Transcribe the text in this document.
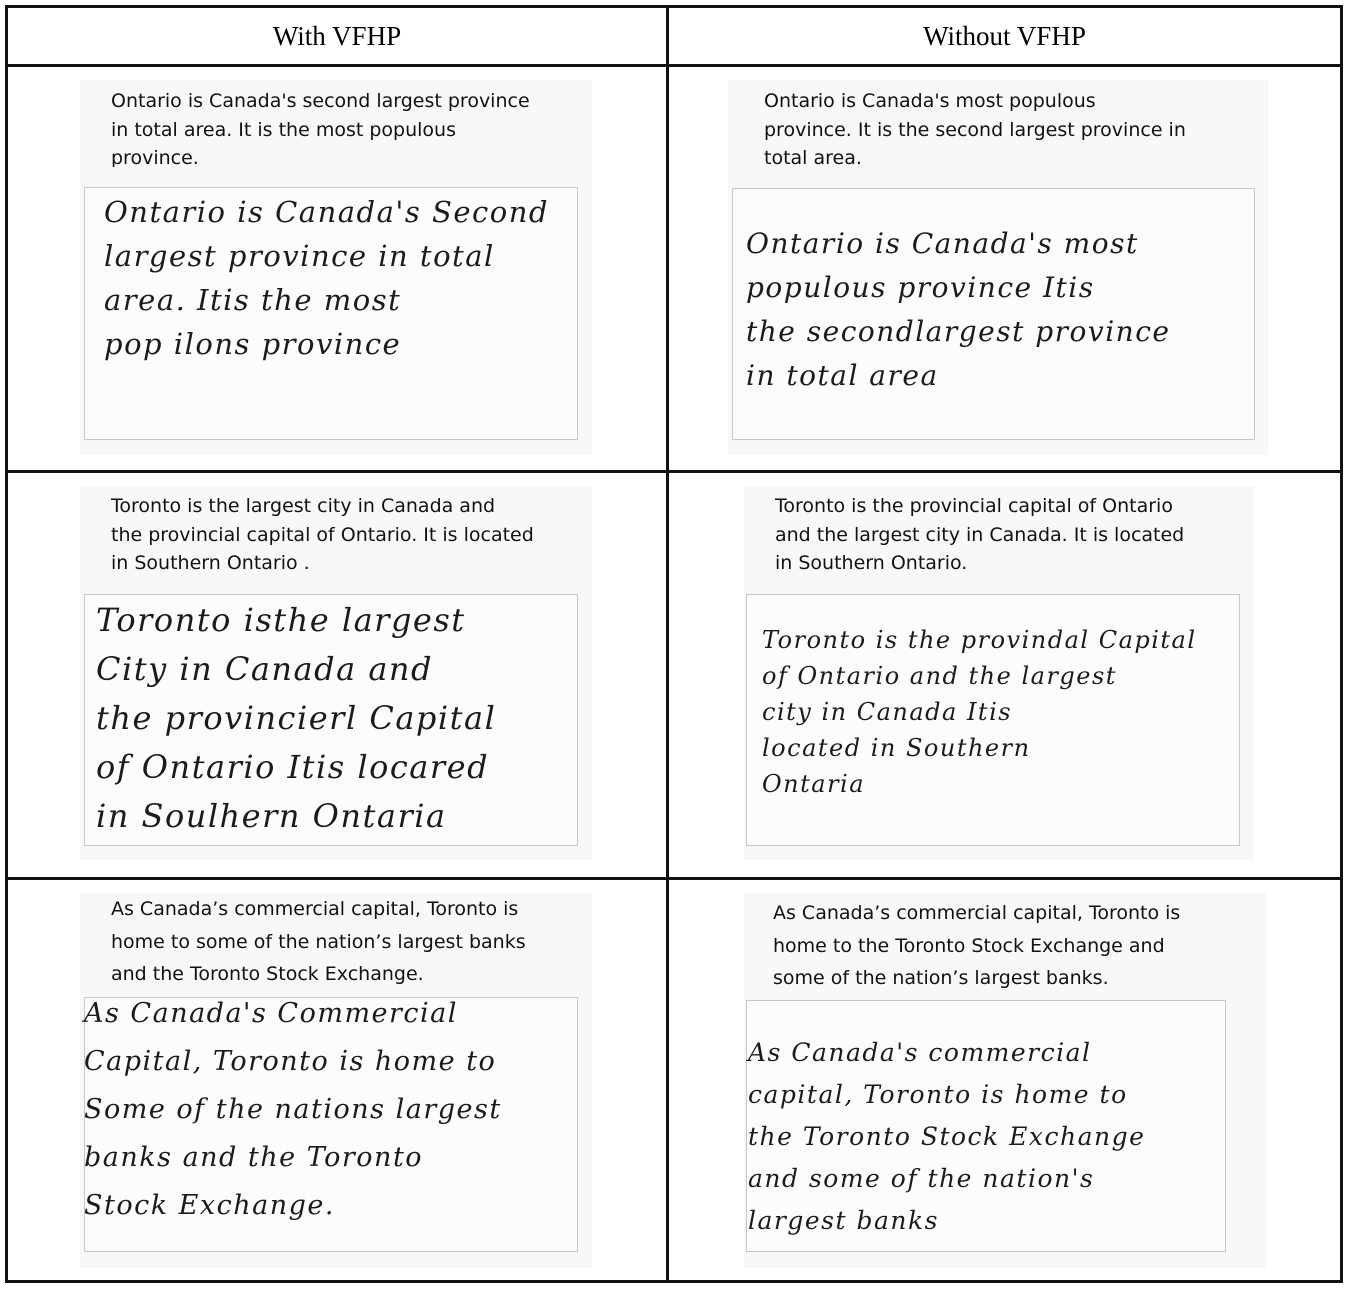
With VFHP	Without VFHP
Ontario is Canada's second largest province
in total area. It is the most populous
province.
Ontario is Canada's Second
largest province in total
area. Itis the most
pop ilons province
Ontario is Canada's most populous
province. It is the second largest province in
total area.
Ontario is Canada's most
populous province Itis
the secondlargest province
in total area
Toronto is the largest city in Canada and
the provincial capital of Ontario. It is located
in Southern Ontario .
Toronto isthe largest
City in Canada and
the provincierl Capital
of Ontario Itis locared
in Soulhern Ontaria
Toronto is the provincial capital of Ontario
and the largest city in Canada. It is located
in Southern Ontario.
Toronto is the provindal Capital
of Ontario and the largest
city in Canada Itis
located in Southern
Ontaria
As Canada’s commercial capital, Toronto is
home to some of the nation’s largest banks
and the Toronto Stock Exchange.
As Canada's Commercial
Capital, Toronto is home to
Some of the nations largest
banks and the Toronto
Stock Exchange.
As Canada’s commercial capital, Toronto is
home to the Toronto Stock Exchange and
some of the nation’s largest banks.
As Canada's commercial
capital, Toronto is home to
the Toronto Stock Exchange
and some of the nation's
largest banks
